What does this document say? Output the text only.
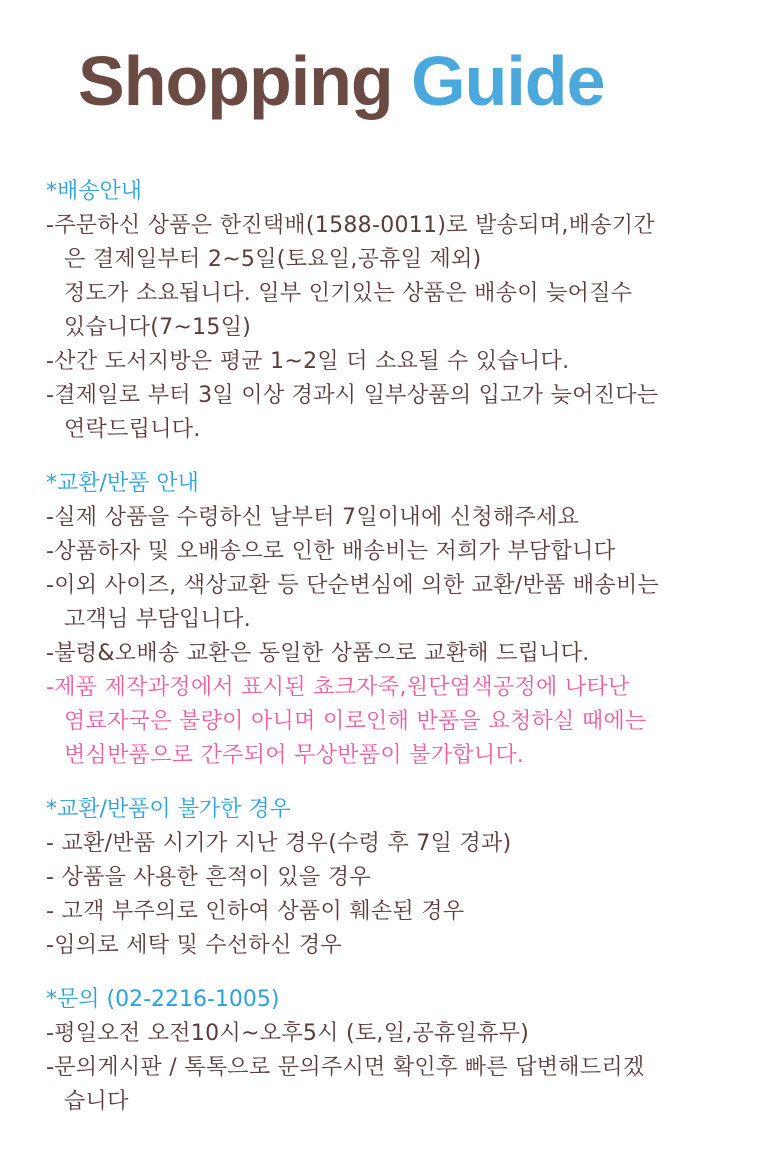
Shopping Guide
*배송안내
-주문하신 상품은 한진택배(1588-0011)로 발송되며,배송기간
은 결제일부터 2~5일(토요일,공휴일 제외)
정도가 소요됩니다. 일부 인기있는 상품은 배송이 늦어질수
있습니다(7~15일)
-산간 도서지방은 평균 1~2일 더 소요될 수 있습니다.
-결제일로 부터 3일 이상 경과시 일부상품의 입고가 늦어진다는
연락드립니다.
*교환/반품 안내
-실제 상품을 수령하신 날부터 7일이내에 신청해주세요
-상품하자 및 오배송으로 인한 배송비는 저희가 부담합니다
-이외 사이즈, 색상교환 등 단순변심에 의한 교환/반품 배송비는
고객님 부담입니다.
-불령&오배송 교환은 동일한 상품으로 교환해 드립니다.
-제품 제작과정에서 표시된 쵸크자죽,원단염색공정에 나타난
염료자국은 불량이 아니며 이로인해 반품을 요청하실 때에는
변심반품으로 간주되어 무상반품이 불가합니다.
*교환/반품이 불가한 경우
- 교환/반품 시기가 지난 경우(수령 후 7일 경과)
- 상품을 사용한 흔적이 있을 경우
- 고객 부주의로 인하여 상품이 훼손된 경우
-임의로 세탁 및 수선하신 경우
*문의 (02-2216-1005)
-평일오전 오전10시~오후5시 (토,일,공휴일휴무)
-문의게시판 / 톡톡으로 문의주시면 확인후 빠른 답변해드리겠
습니다
